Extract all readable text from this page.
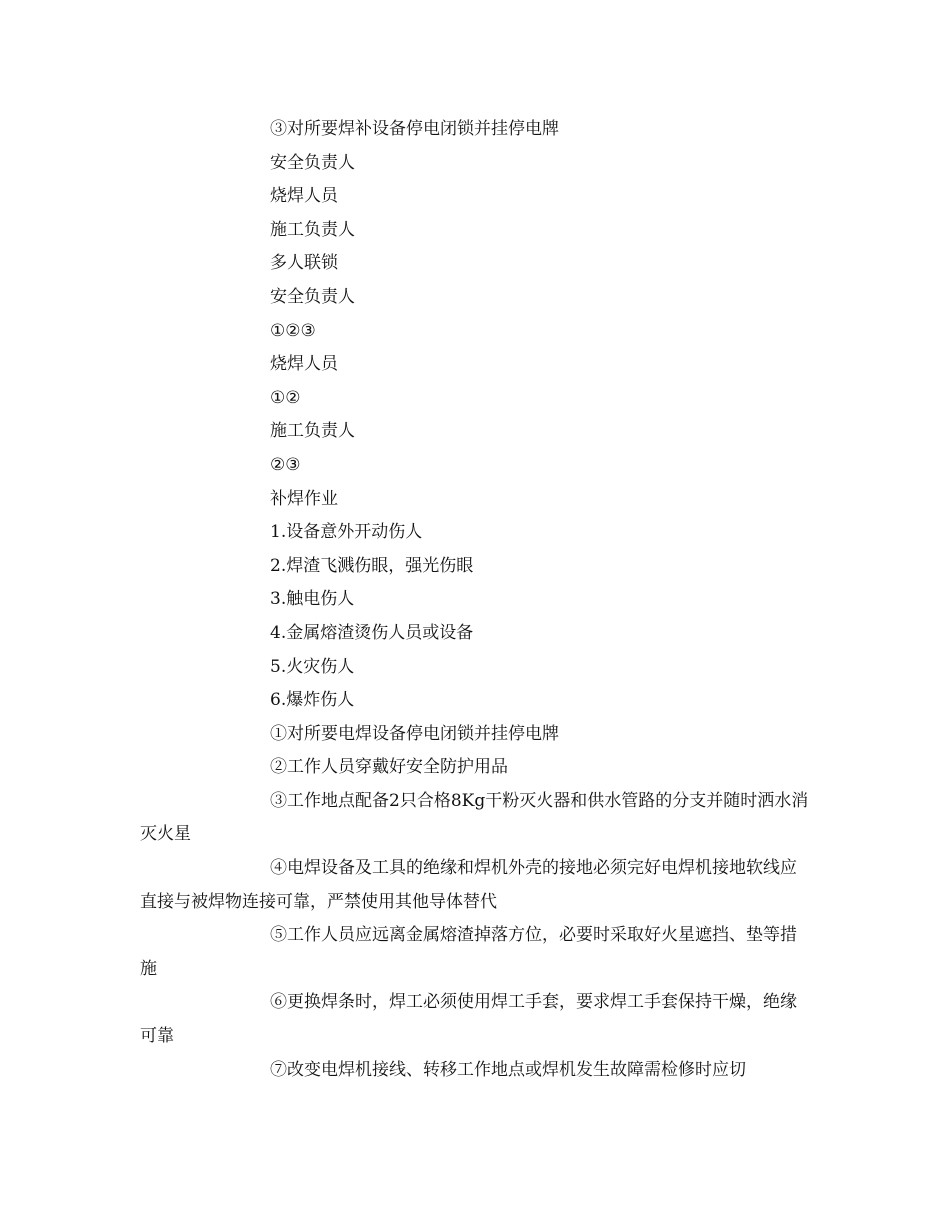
③对所要焊补设备停电闭锁并挂停电牌
安全负责人
烧焊人员
施工负责人
多人联锁
安全负责人
①②③
烧焊人员
①②
施工负责人
②③
补焊作业
1.设备意外开动伤人
2.焊渣飞溅伤眼，强光伤眼
3.触电伤人
4.金属熔渣烫伤人员或设备
5.火灾伤人
6.爆炸伤人
①对所要电焊设备停电闭锁并挂停电牌
②工作人员穿戴好安全防护用品
③工作地点配备2只合格8Kg干粉灭火器和供水管路的分支并随时洒水消灭火星
④电焊设备及工具的绝缘和焊机外壳的接地必须完好电焊机接地软线应直接与被焊物连接可靠，严禁使用其他导体替代
⑤工作人员应远离金属熔渣掉落方位，必要时采取好火星遮挡、垫等措施
⑥更换焊条时，焊工必须使用焊工手套，要求焊工手套保持干燥，绝缘可靠
⑦改变电焊机接线、转移工作地点或焊机发生故障需检修时应切
